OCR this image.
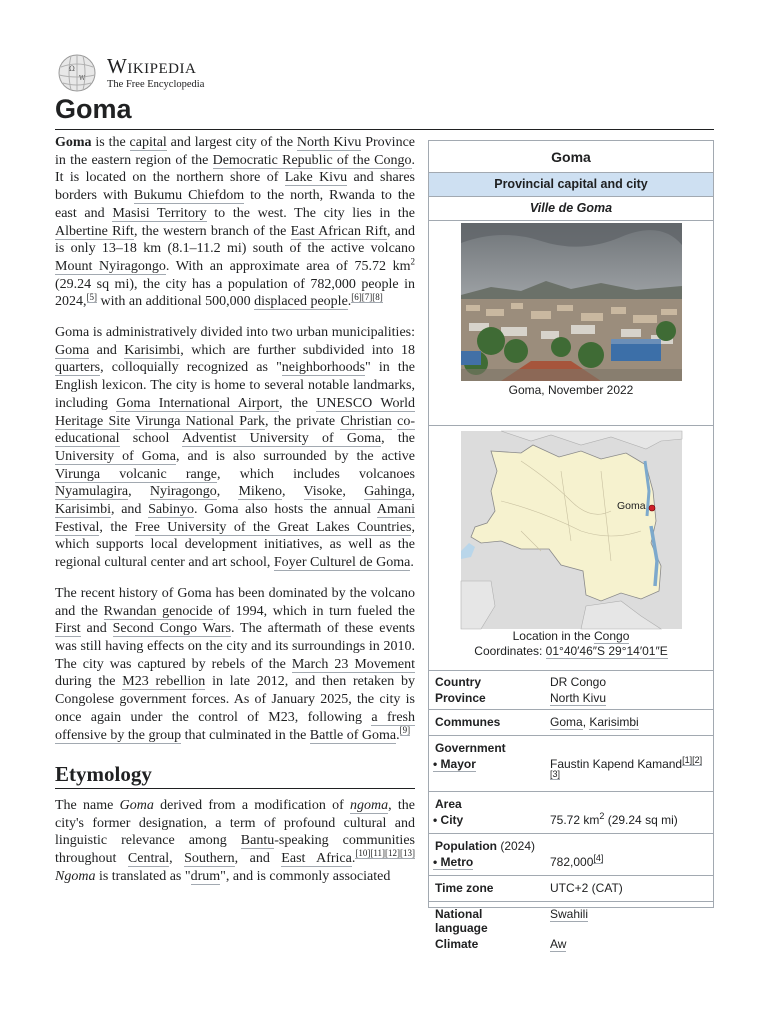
Ω
W
Wikipedia
The Free Encyclopedia
Goma

Goma is the capital and largest city of the North Kivu Province in the eastern region of the Democratic Republic of the Congo. It is located on the northern shore of Lake Kivu and shares borders with Bukumu Chiefdom to the north, Rwanda to the east and Masisi Territory to the west. The city lies in the Albertine Rift, the western branch of the East African Rift, and is only 13–18 km (8.1–11.2 mi) south of the active volcano Mount Nyiragongo. With an approximate area of 75.72 $km^2$ (29.24 sq mi), the city has a population of 782,000 people in 2024,[5] with an additional 500,000 displaced people.[6][7][8]

Goma is administratively divided into two urban municipalities: Goma and Karisimbi, which are further subdivided into 18 quarters, colloquially recognized as "neighborhoods" in the English lexicon. The city is home to several notable landmarks, including Goma International Airport, the UNESCO World Heritage Site Virunga National Park, the private Christian co-educational school Adventist University of Goma, the University of Goma, and is also surrounded by the active Virunga volcanic range, which includes volcanoes Nyamulagira, Nyiragongo, Mikeno, Visoke, Gahinga, Karisimbi, and Sabinyo. Goma also hosts the annual Amani Festival, the Free University of the Great Lakes Countries, which supports local development initiatives, as well as the regional cultural center and art school, Foyer Culturel de Goma.

The recent history of Goma has been dominated by the volcano and the Rwandan genocide of 1994, which in turn fueled the First and Second Congo Wars. The aftermath of these events was still having effects on the city and its surroundings in 2010. The city was captured by rebels of the March 23 Movement during the M23 rebellion in late 2012, and then retaken by Congolese government forces. As of January 2025, the city is once again under the control of M23, following a fresh offensive by the group that culminated in the Battle of Goma.[9]

Etymology

The name Goma derived from a modification of ngoma, the city's former designation, a term of profound cultural and linguistic relevance among Bantu-speaking communities throughout Central, Southern, and East Africa.[10][11][12][13] Ngoma is translated as "drum", and is commonly associated

Goma
Provincial capital and city
Ville de Goma
Goma, November 2022
Goma
Location in the Congo
Coordinates: 01°40′46″S 29°14′01″E
Country	DR Congo
Province	North Kivu
Communes	Goma, Karisimbi
Government	
• Mayor	Faustin Kapend Kamand[1][2][3]
Area	
• City	75.72 $km^2$ (29.24 sq mi)
Population (2024)	
• Metro	782,000[4]
Time zone	UTC+2 (CAT)
National language	Swahili
Climate	Aw
